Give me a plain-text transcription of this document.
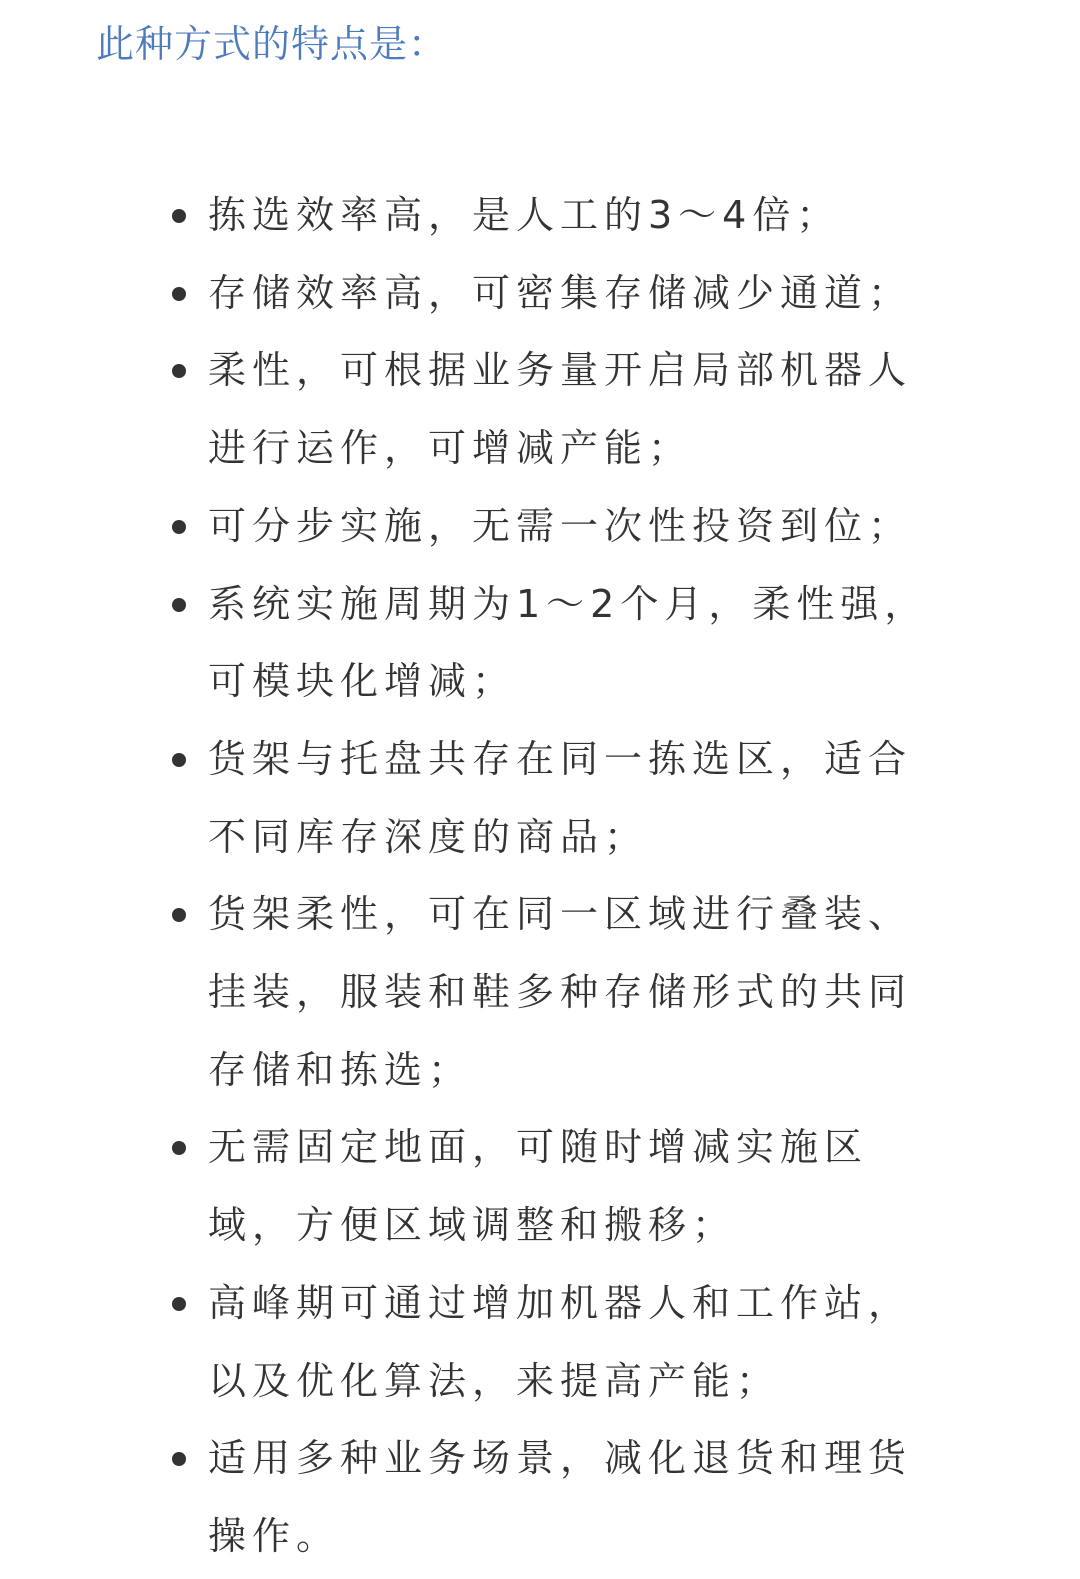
此种方式的特点是：
拣选效率高，是人工的3～4倍；
存储效率高，可密集存储减少通道；
柔性，可根据业务量开启局部机器人
进行运作，可增减产能；
可分步实施，无需一次性投资到位；
系统实施周期为1～2个月，柔性强，
可模块化增减；
货架与托盘共存在同一拣选区，适合
不同库存深度的商品；
货架柔性，可在同一区域进行叠装、
挂装，服装和鞋多种存储形式的共同
存储和拣选；
无需固定地面，可随时增减实施区
域，方便区域调整和搬移；
高峰期可通过增加机器人和工作站，
以及优化算法，来提高产能；
适用多种业务场景，减化退货和理货
操作。
